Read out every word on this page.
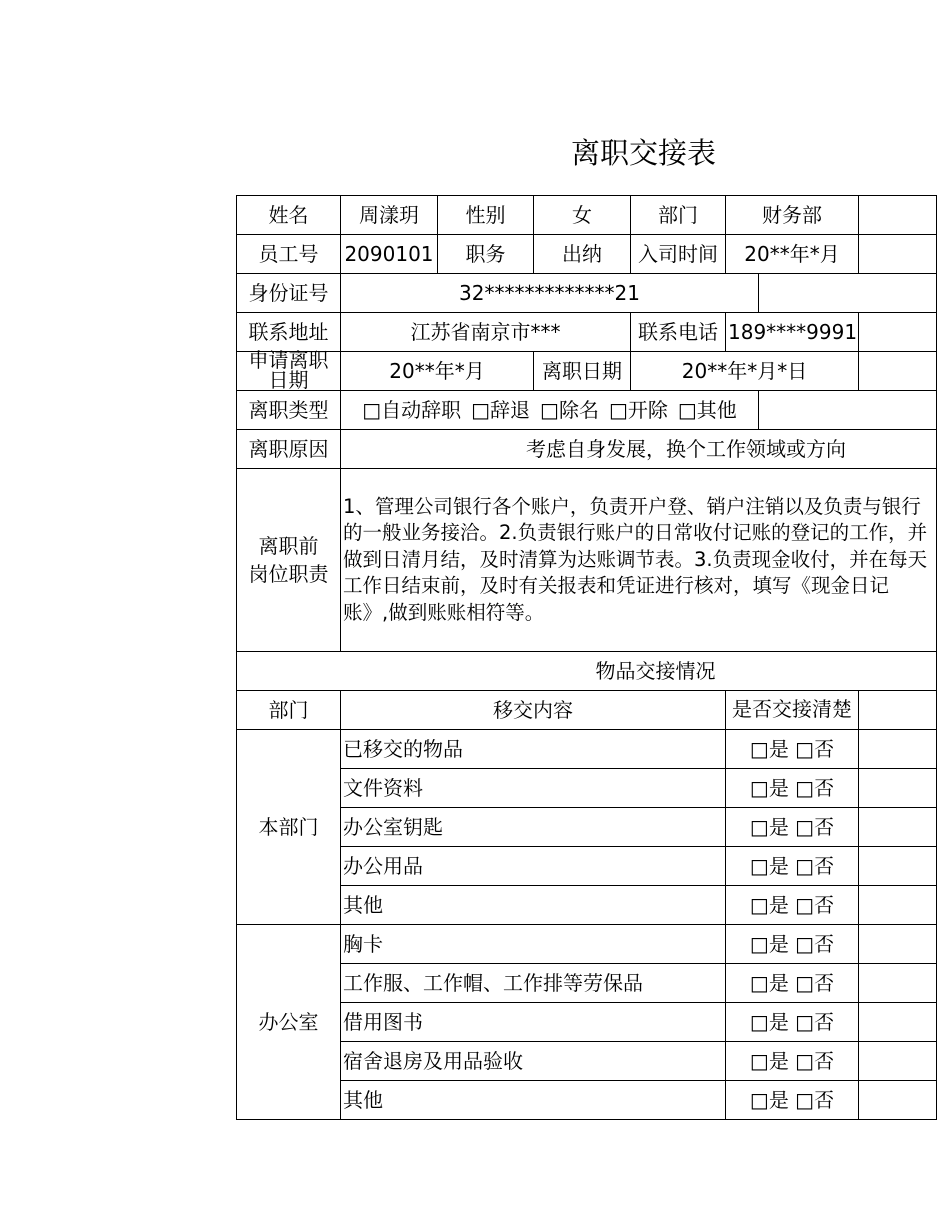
离职交接表
姓名	周漾玥	性别	女	部门	财务部		
员工号	2090101	职务	出纳	入司时间	20**年*月		
身份证号	32*************21						
联系地址	江苏省南京市***			联系电话	189****9991		

申请离职日期	20**年*月		离职日期	20**年*月*日			
离职类型	□自动辞职 □辞退 □除名 □开除 □其他						
离职原因	考虑自身发展，换个工作领域或方向						
离职前
岗位职责	1、管理公司银行各个账户，负责开户登、销户注销以及负责与银行的一般业务接洽。2.负责银行账户的日常收付记账的登记的工作，并做到日清月结，及时清算为达账调节表。3.负责现金收付，并在每天工作日结束前，及时有关报表和凭证进行核对，填写《现金日记账》,做到账账相符等。						

物品交接情况							
部门	移交内容				是否交接清楚		

本部门	已移交的物品				□是 □否		
	文件资料				□是 □否		
	办公室钥匙				□是 □否		
	办公用品				□是 □否		
	其他				□是 □否		
办公室	胸卡				□是 □否		
	工作服、工作帽、工作排等劳保品				□是 □否		
	借用图书				□是 □否		
	宿舍退房及用品验收				□是 □否		
	其他				□是 □否		
